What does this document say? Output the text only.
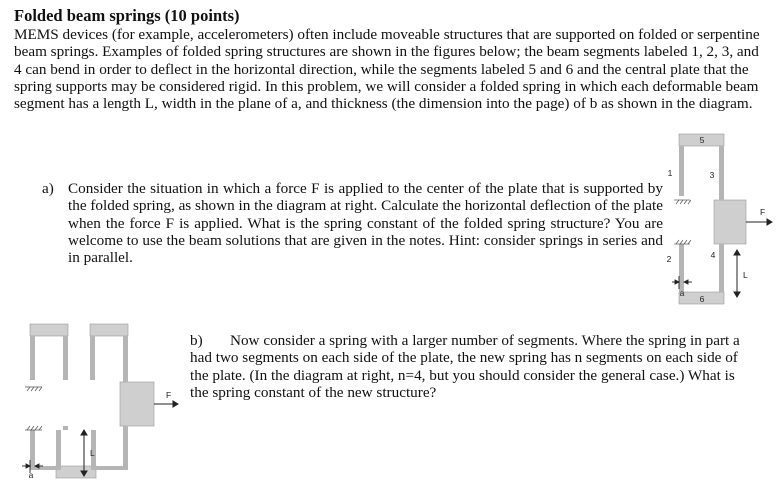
Folded beam springs (10 points)
MEMS devices (for example, accelerometers) often include moveable structures that are supported on folded or serpentine beam springs. Examples of folded spring structures are shown in the figures below; the beam segments labeled 1, 2, 3, and 4 can bend in order to deflect in the horizontal direction, while the segments labeled 5 and 6 and the central plate that the spring supports may be considered rigid. In this problem, we will consider a folded spring in which each deformable beam segment has a length L, width in the plane of a, and thickness (the dimension into the page) of b as shown in the diagram.
a) Consider the situation in which a force F is applied to the center of the plate that is supported by the folded spring, as shown in the diagram at right. Calculate the horizontal deflection of the plate when the force F is applied. What is the spring constant of the folded spring structure? You are welcome to use the beam solutions that are given in the notes. Hint: consider springs in series and in parallel.
b)	Now consider a spring with a larger number of segments. Where the spring in part a had two segments on each side of the plate, the new spring has n segments on each side of the plate. (In the diagram at right, n=4, but you should consider the general case.) What is the spring constant of the new structure?
5
6
1
2
3
4
F
L
a
F
L
a
